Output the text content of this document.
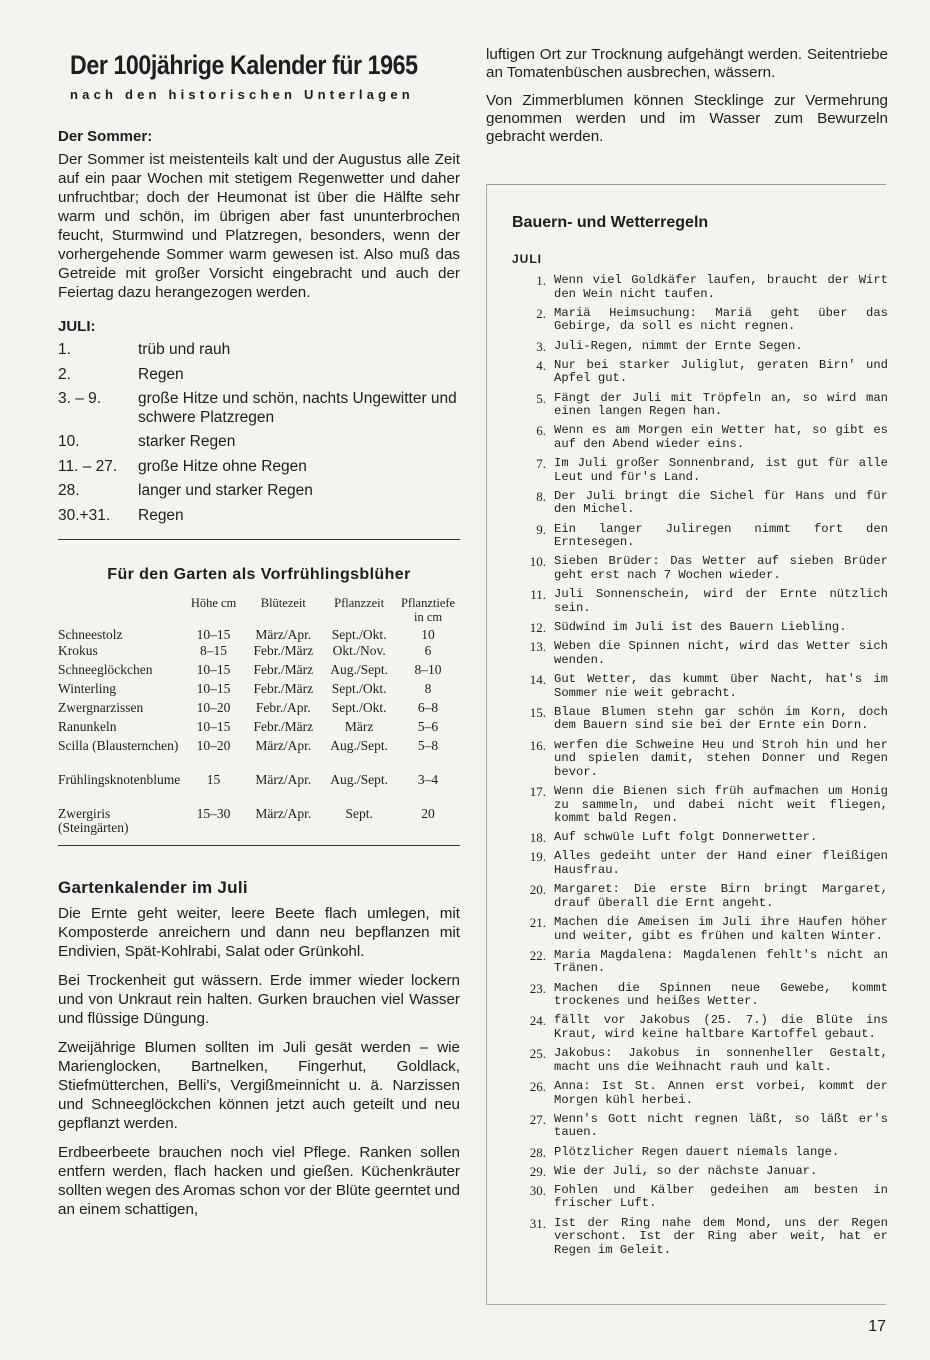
Der 100jährige Kalender für 1965
nach den historischen Unterlagen
Der Sommer:

Der Sommer ist meistenteils kalt und der Augustus alle Zeit auf ein paar Wochen mit stetigem Regenwetter und daher unfruchtbar; doch der Heumonat ist über die Hälfte sehr warm und schön, im übrigen aber fast ununterbrochen feucht, Sturmwind und Platzregen, besonders, wenn der vorhergehende Sommer warm gewesen ist. Also muß das Getreide mit großer Vorsicht eingebracht und auch der Feiertag dazu herangezogen werden.

JULI:
1.	trüb und rauh
2.	Regen
3. – 9.	große Hitze und schön, nachts Ungewitter und schwere Platzregen
10.	starker Regen
11. – 27.	große Hitze ohne Regen
28.	langer und starker Regen
30.+31.	Regen
Für den Garten als Vorfrühlingsblüher
	Höhe cm	Blütezeit	Pflanzzeit	Pflanztiefe in cm
Schneestolz	10–15	März/Apr.	Sept./Okt.	10
Krokus	8–15	Febr./März	Okt./Nov.	6
Schneeglöckchen	10–15	Febr./März	Aug./Sept.	8–10
Winterling	10–15	Febr./März	Sept./Okt.	8
Zwergnarzissen	10–20	Febr./Apr.	Sept./Okt.	6–8
Ranunkeln	10–15	Febr./März	März	5–6
Scilla (Blausternchen)	10–20	März/Apr.	Aug./Sept.	5–8
Frühlingsknotenblume	15	März/Apr.	Aug./Sept.	3–4
Zwergiris (Steingärten)	15–30	März/Apr.	Sept.	20
Gartenkalender im Juli

Die Ernte geht weiter, leere Beete flach umlegen, mit Komposterde anreichern und dann neu bepflanzen mit Endivien, Spät-Kohlrabi, Salat oder Grünkohl.

Bei Trockenheit gut wässern. Erde immer wieder lockern und von Unkraut rein halten. Gurken brauchen viel Wasser und flüssige Düngung.

Zweijährige Blumen sollten im Juli gesät werden – wie Marienglocken, Bartnelken, Fingerhut, Goldlack, Stiefmütterchen, Belli's, Vergißmeinnicht u. ä. Narzissen und Schneeglöckchen können jetzt auch geteilt und neu gepflanzt werden.

Erdbeerbeete brauchen noch viel Pflege. Ranken sollen entfern werden, flach hacken und gießen. Küchenkräuter sollten wegen des Aromas schon vor der Blüte geerntet und an einem schattigen,

luftigen Ort zur Trocknung aufgehängt werden. Seitentriebe an Tomatenbüschen ausbrechen, wässern.

Von Zimmerblumen können Stecklinge zur Vermehrung genommen werden und im Wasser zum Bewurzeln gebracht werden.

Bauern- und Wetterregeln
JULI
1. Wenn viel Goldkäfer laufen, braucht der Wirt den Wein nicht taufen.
2. Mariä Heimsuchung: Mariä geht über das Gebirge, da soll es nicht regnen.
3. Juli-Regen, nimmt der Ernte Segen.
4. Nur bei starker Juliglut, geraten Birn' und Apfel gut.
5. Fängt der Juli mit Tröpfeln an, so wird man einen langen Regen han.
6. Wenn es am Morgen ein Wetter hat, so gibt es auf den Abend wieder eins.
7. Im Juli großer Sonnenbrand, ist gut für alle Leut und für's Land.
8. Der Juli bringt die Sichel für Hans und für den Michel.
9. Ein langer Juliregen nimmt fort den Erntesegen.
10. Sieben Brüder: Das Wetter auf sieben Brüder geht erst nach 7 Wochen wieder.
11. Juli Sonnenschein, wird der Ernte nützlich sein.
12. Südwind im Juli ist des Bauern Liebling.
13. Weben die Spinnen nicht, wird das Wetter sich wenden.
14. Gut Wetter, das kummt über Nacht, hat's im Sommer nie weit gebracht.
15. Blaue Blumen stehn gar schön im Korn, doch dem Bauern sind sie bei der Ernte ein Dorn.
16. werfen die Schweine Heu und Stroh hin und her und spielen damit, stehen Donner und Regen bevor.
17. Wenn die Bienen sich früh aufmachen um Honig zu sammeln, und dabei nicht weit fliegen, kommt bald Regen.
18. Auf schwüle Luft folgt Donnerwetter.
19. Alles gedeiht unter der Hand einer fleißigen Hausfrau.
20. Margaret: Die erste Birn bringt Margaret, drauf überall die Ernt angeht.
21. Machen die Ameisen im Juli ihre Haufen höher und weiter, gibt es frühen und kalten Winter.
22. Maria Magdalena: Magdalenen fehlt's nicht an Tränen.
23. Machen die Spinnen neue Gewebe, kommt trockenes und heißes Wetter.
24. fällt vor Jakobus (25. 7.) die Blüte ins Kraut, wird keine haltbare Kartoffel gebaut.
25. Jakobus: Jakobus in sonnenheller Gestalt, macht uns die Weihnacht rauh und kalt.
26. Anna: Ist St. Annen erst vorbei, kommt der Morgen kühl herbei.
27. Wenn's Gott nicht regnen läßt, so läßt er's tauen.
28. Plötzlicher Regen dauert niemals lange.
29. Wie der Juli, so der nächste Januar.
30. Fohlen und Kälber gedeihen am besten in frischer Luft.
31. Ist der Ring nahe dem Mond, uns der Regen verschont. Ist der Ring aber weit, hat er Regen im Geleit.
17
